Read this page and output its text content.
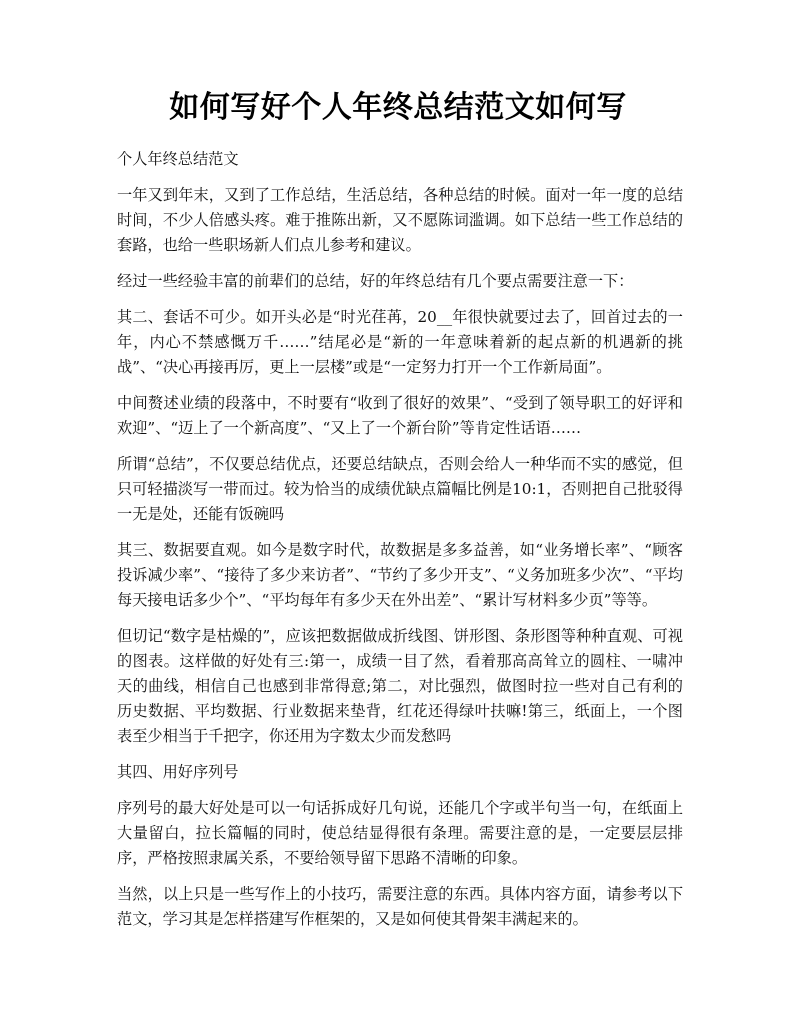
如何写好个人年终总结范文如何写

个人年终总结范文

一年又到年末，又到了工作总结，生活总结，各种总结的时候。面对一年一度的总结时间，不少人倍感头疼。难于推陈出新，又不愿陈词滥调。如下总结一些工作总结的套路，也给一些职场新人们点儿参考和建议。

经过一些经验丰富的前辈们的总结，好的年终总结有几个要点需要注意一下：

其二、套话不可少。如开头必是“时光荏苒，20__年很快就要过去了，回首过去的一年，内心不禁感慨万千……”结尾必是“新的一年意味着新的起点新的机遇新的挑战”、“决心再接再厉，更上一层楼”或是“一定努力打开一个工作新局面”。

中间赘述业绩的段落中，不时要有“收到了很好的效果”、“受到了领导职工的好评和欢迎”、“迈上了一个新高度”、“又上了一个新台阶”等肯定性话语……

所谓“总结”，不仅要总结优点，还要总结缺点，否则会给人一种华而不实的感觉，但只可轻描淡写一带而过。较为恰当的成绩优缺点篇幅比例是10:1，否则把自己批驳得一无是处，还能有饭碗吗

其三、数据要直观。如今是数字时代，故数据是多多益善，如“业务增长率”、“顾客投诉减少率”、“接待了多少来访者”、“节约了多少开支”、“义务加班多少次”、“平均每天接电话多少个”、“平均每年有多少天在外出差”、“累计写材料多少页”等等。

但切记“数字是枯燥的”，应该把数据做成折线图、饼形图、条形图等种种直观、可视的图表。这样做的好处有三:第一，成绩一目了然，看着那高高耸立的圆柱、一啸冲天的曲线，相信自己也感到非常得意;第二，对比强烈，做图时拉一些对自己有利的历史数据、平均数据、行业数据来垫背，红花还得绿叶扶嘛!第三，纸面上，一个图表至少相当于千把字，你还用为字数太少而发愁吗

其四、用好序列号

序列号的最大好处是可以一句话拆成好几句说，还能几个字或半句当一句，在纸面上大量留白，拉长篇幅的同时，使总结显得很有条理。需要注意的是，一定要层层排序，严格按照隶属关系，不要给领导留下思路不清晰的印象。

当然，以上只是一些写作上的小技巧，需要注意的东西。具体内容方面，请参考以下范文，学习其是怎样搭建写作框架的，又是如何使其骨架丰满起来的。
